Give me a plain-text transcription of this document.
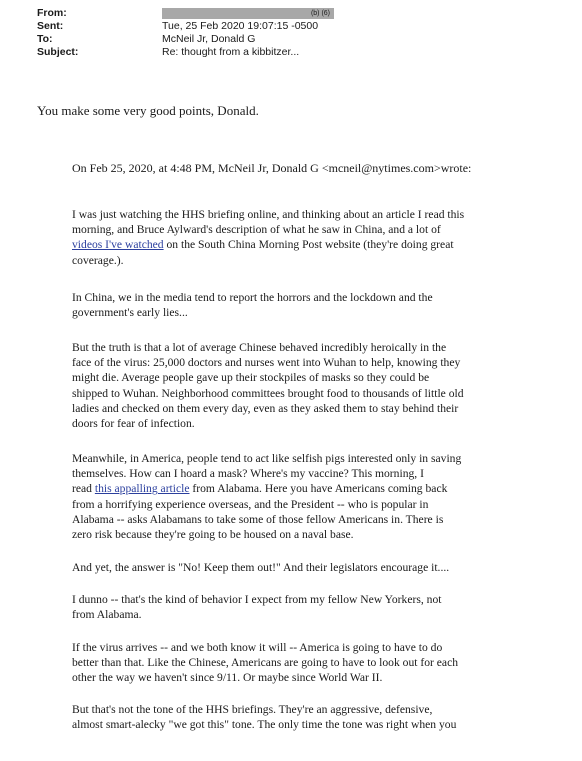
From:	(b) (6)
Sent:	Tue, 25 Feb 2020 19:07:15 -0500
To:	McNeil Jr, Donald G
Subject:	Re: thought from a kibbitzer...
You make some very good points, Donald.
On Feb 25, 2020, at 4:48 PM, McNeil Jr, Donald G <mcneil@nytimes.com>wrote:
I was just watching the HHS briefing online, and thinking about an article I read this
morning, and Bruce Aylward's description of what he saw in China, and a lot of
videos I've watched on the South China Morning Post website (they're doing great
coverage.).
In China, we in the media tend to report the horrors and the lockdown and the
government's early lies...
But the truth is that a lot of average Chinese behaved incredibly heroically in the
face of the virus: 25,000 doctors and nurses went into Wuhan to help, knowing they
might die. Average people gave up their stockpiles of masks so they could be
shipped to Wuhan. Neighborhood committees brought food to thousands of little old
ladies and checked on them every day, even as they asked them to stay behind their
doors for fear of infection.
Meanwhile, in America, people tend to act like selfish pigs interested only in saving
themselves. How can I hoard a mask? Where's my vaccine? This morning, I
read this appalling article from Alabama. Here you have Americans coming back
from a horrifying experience overseas, and the President -- who is popular in
Alabama -- asks Alabamans to take some of those fellow Americans in. There is
zero risk because they're going to be housed on a naval base.
And yet, the answer is "No! Keep them out!" And their legislators encourage it....
I dunno -- that's the kind of behavior I expect from my fellow New Yorkers, not
from Alabama.
If the virus arrives -- and we both know it will -- America is going to have to do
better than that. Like the Chinese, Americans are going to have to look out for each
other the way we haven't since 9/11. Or maybe since World War II.
But that's not the tone of the HHS briefings. They're an aggressive, defensive,
almost smart-alecky "we got this" tone. The only time the tone was right when you
